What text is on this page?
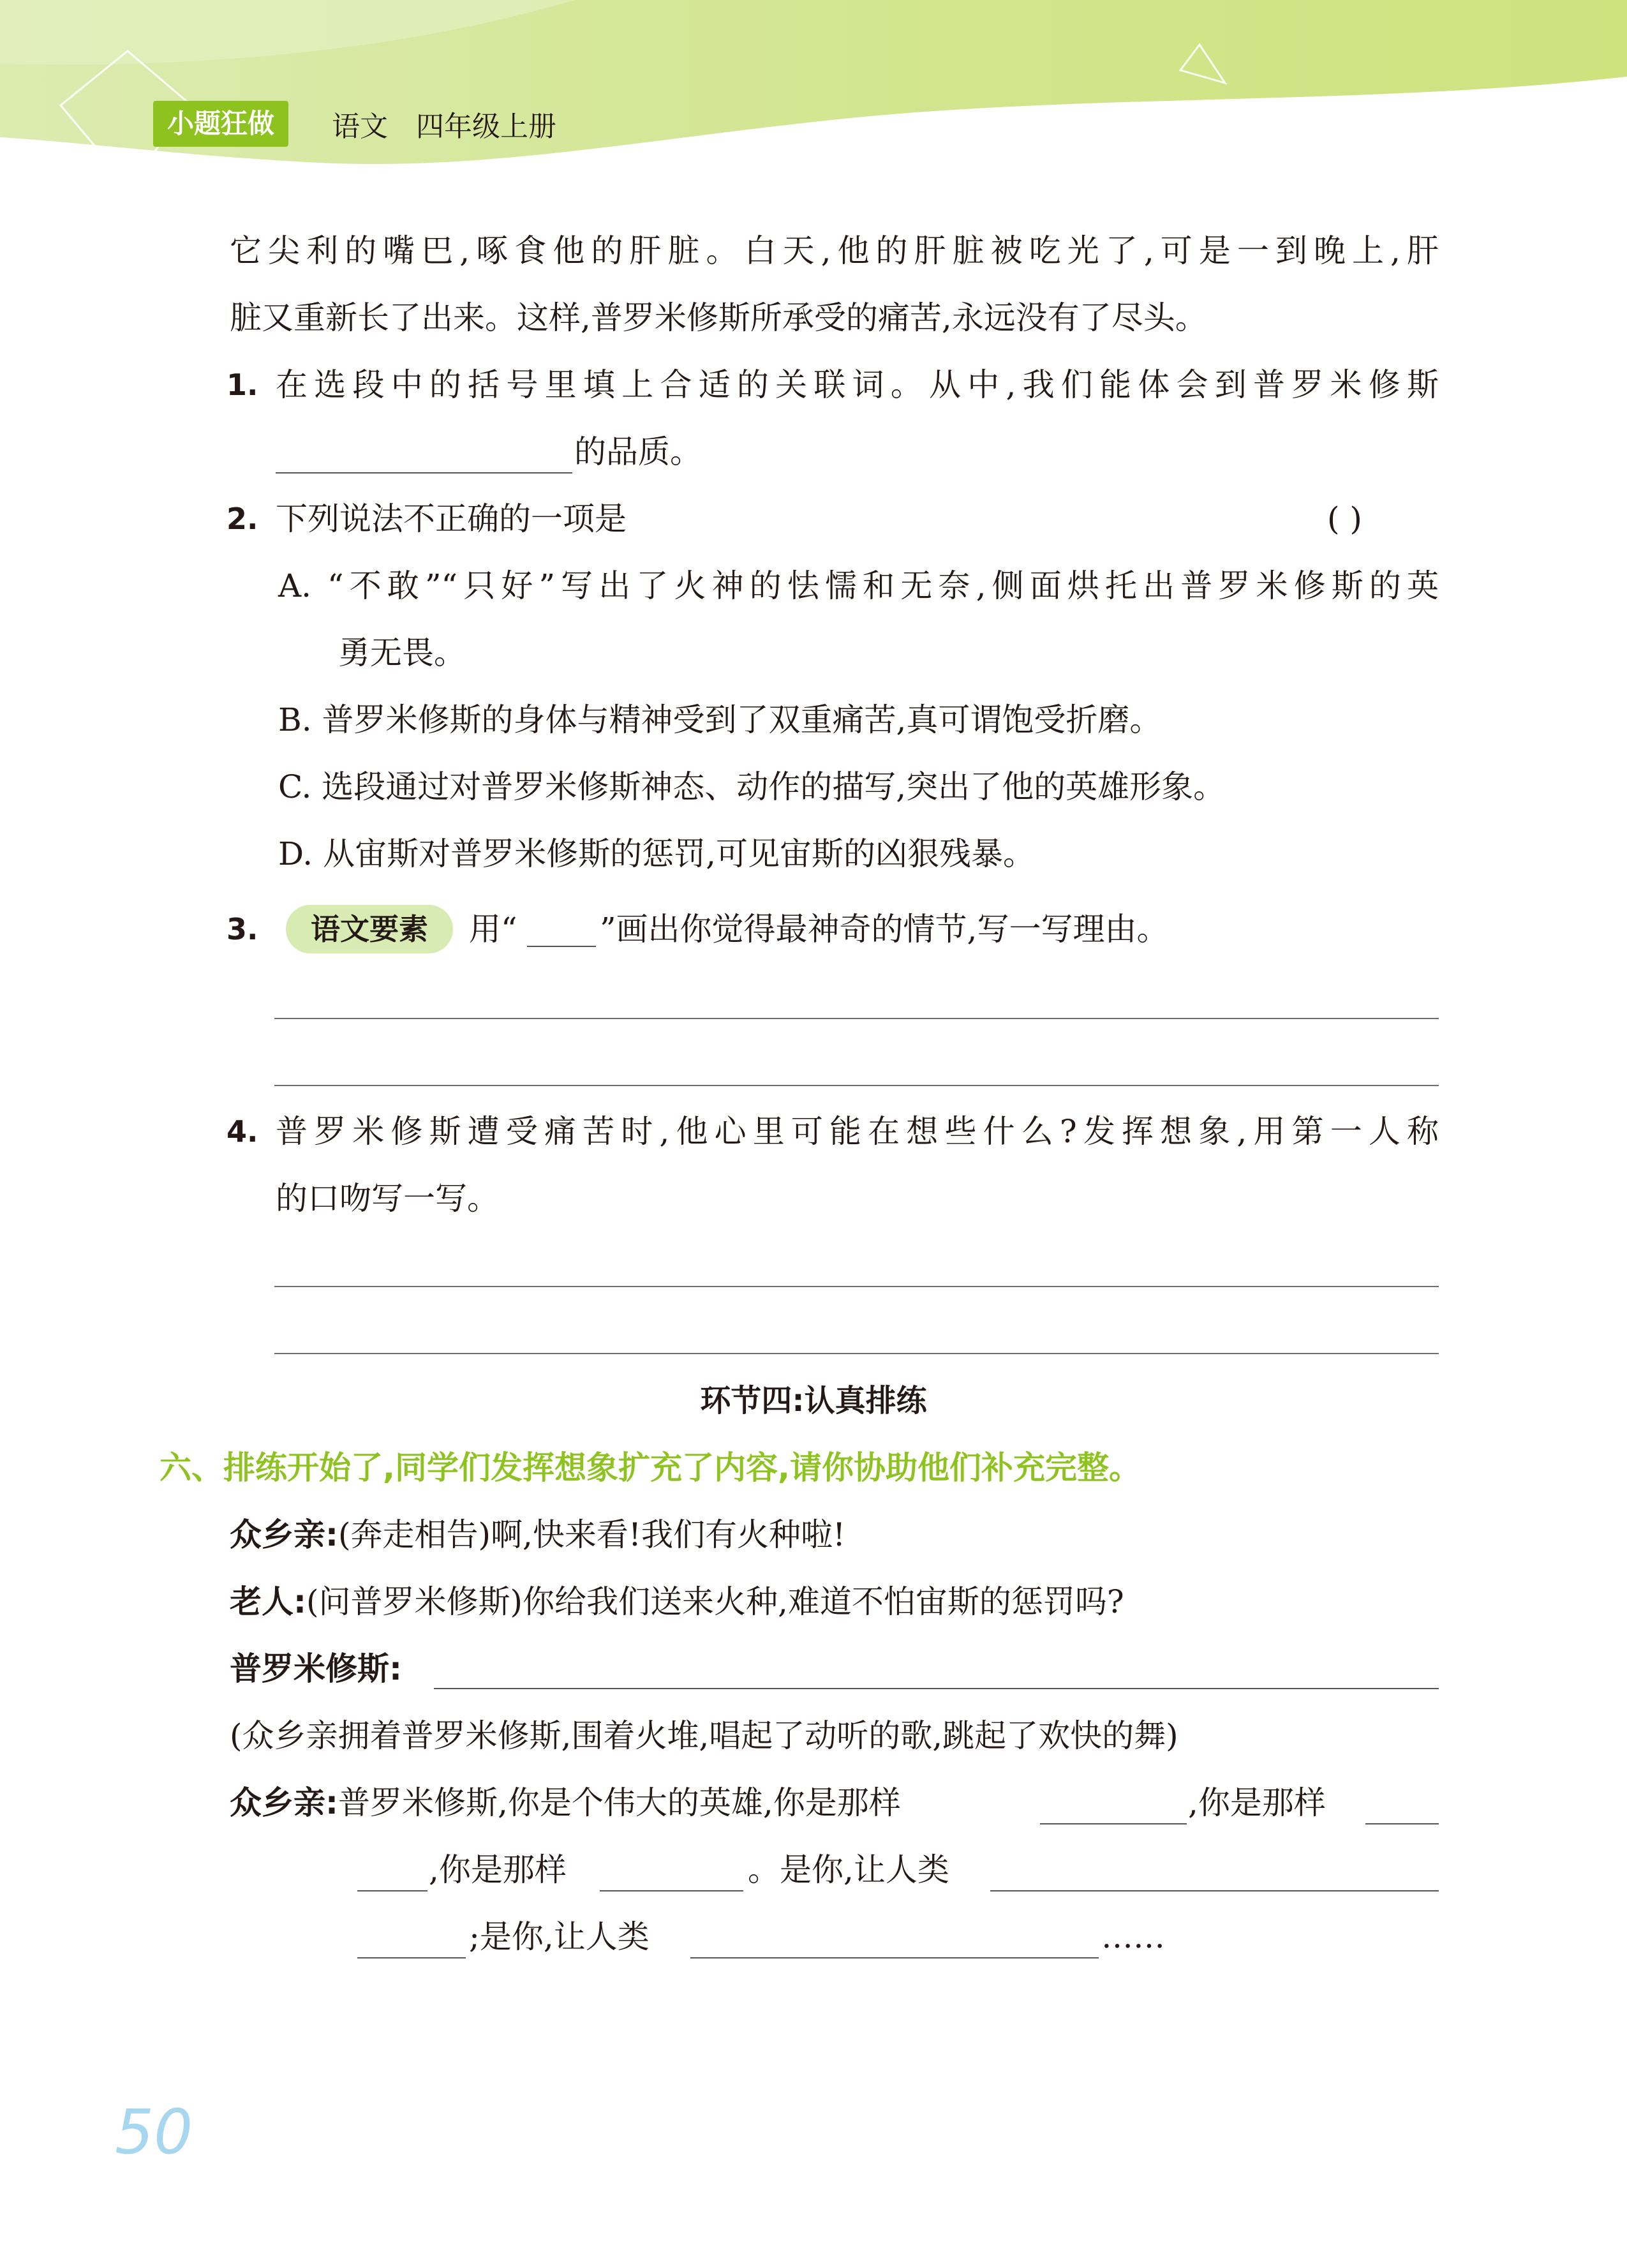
小题狂做	语文 四年级上册
它尖利的嘴巴,啄食他的肝脏。白天,他的肝脏被吃光了,可是一到晚上,肝
脏又重新长了出来。这样,普罗米修斯所承受的痛苦,永远没有了尽头。
1. 在选段中的括号里填上合适的关联词。从中,我们能体会到普罗米修斯
的品质。
2. 下列说法不正确的一项是	( )
A. “不敢”“只好”写出了火神的怯懦和无奈,侧面烘托出普罗米修斯的英
勇无畏。
B. 普罗米修斯的身体与精神受到了双重痛苦,真可谓饱受折磨。
C. 选段通过对普罗米修斯神态、动作的描写,突出了他的英雄形象。
D. 从宙斯对普罗米修斯的惩罚,可见宙斯的凶狠残暴。
3.	语文要素	用“	”画出你觉得最神奇的情节,写一写理由。
4. 普罗米修斯遭受痛苦时,他心里可能在想些什么?发挥想象,用第一人称
的口吻写一写。
环节四:认真排练
六、排练开始了,同学们发挥想象扩充了内容,请你协助他们补充完整。
众乡亲:(奔走相告)啊,快来看!我们有火种啦!
老人:(问普罗米修斯)你给我们送来火种,难道不怕宙斯的惩罚吗?
普罗米修斯:
(众乡亲拥着普罗米修斯,围着火堆,唱起了动听的歌,跳起了欢快的舞)
众乡亲:普罗米修斯,你是个伟大的英雄,你是那样	,你是那样
,你是那样	。是你,让人类
;是你,让人类	……
50
